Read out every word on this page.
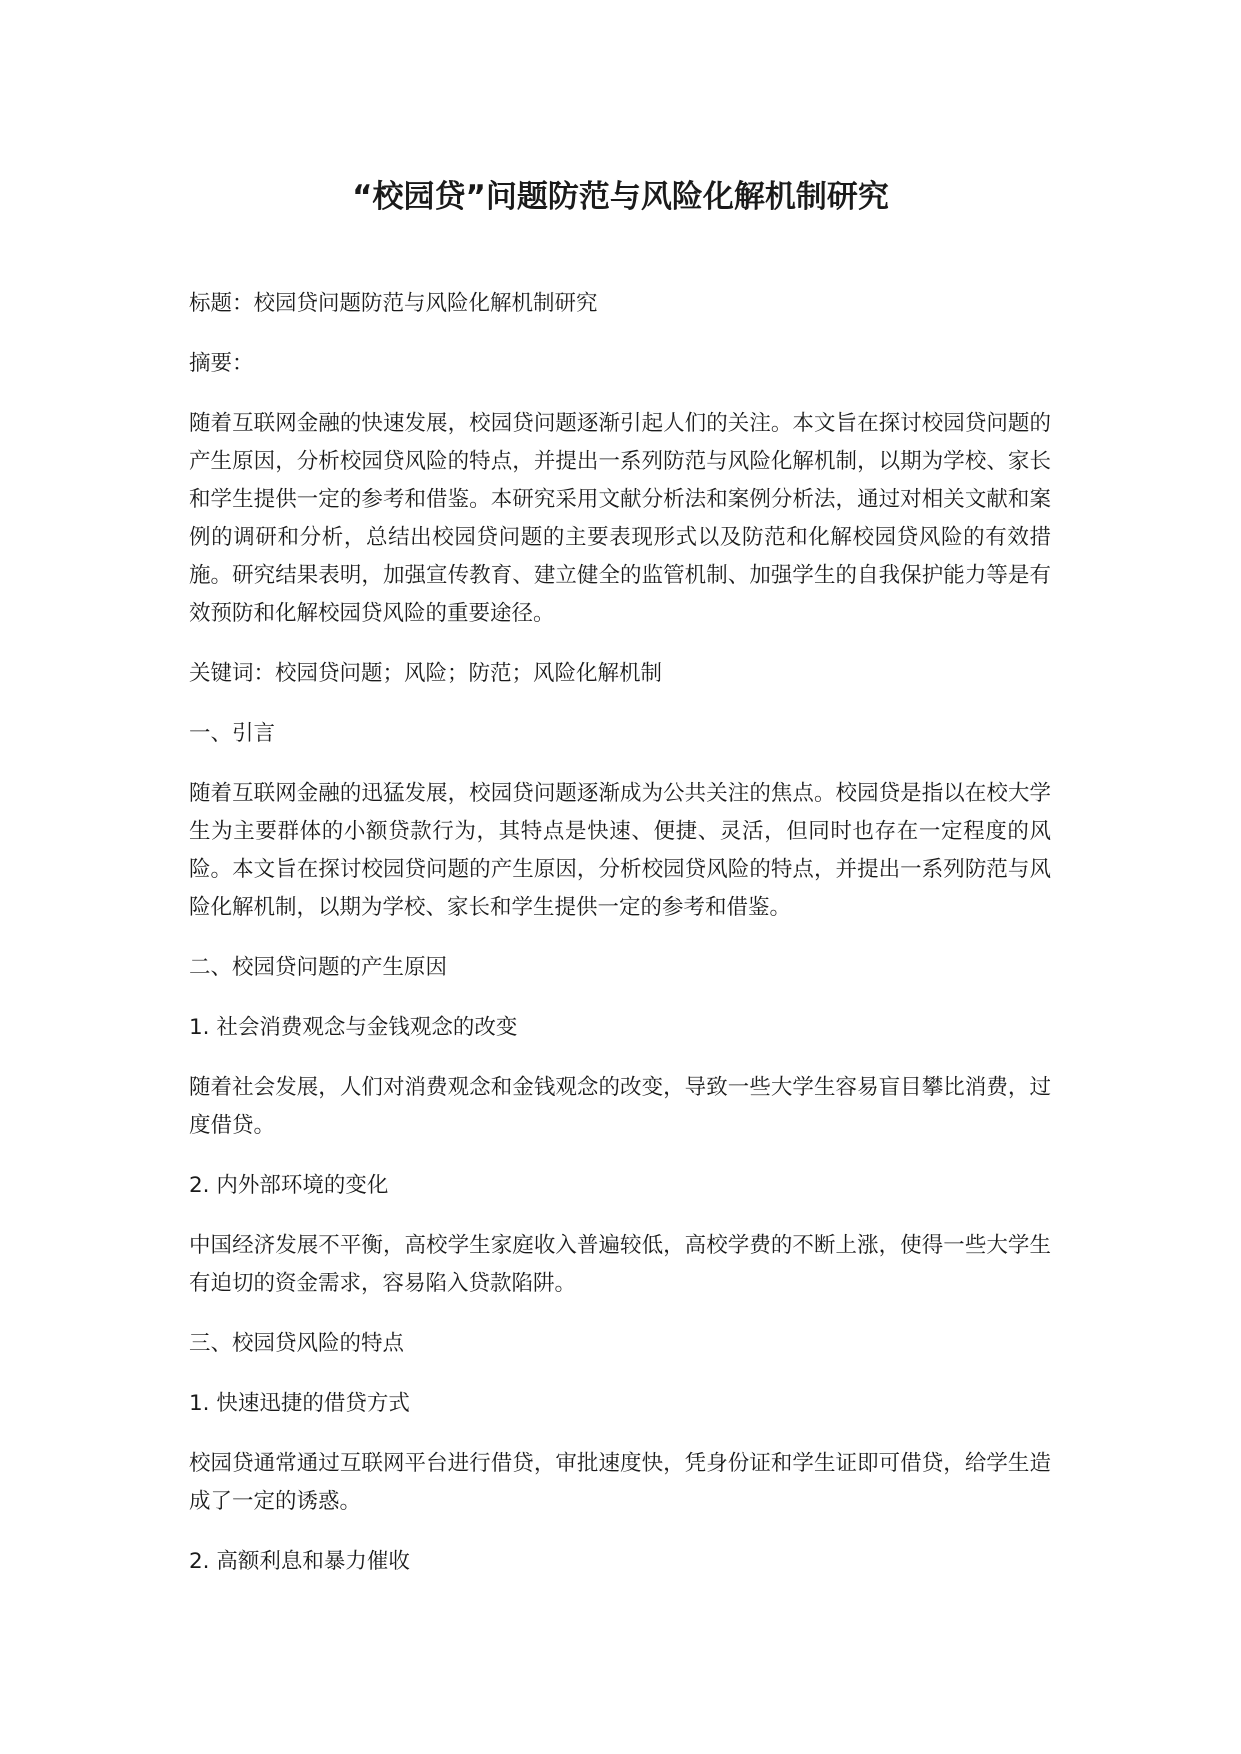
“校园贷”问题防范与风险化解机制研究

标题：校园贷问题防范与风险化解机制研究

摘要：

随着互联网金融的快速发展，校园贷问题逐渐引起人们的关注。本文旨在探讨校园贷问题的产生原因，分析校园贷风险的特点，并提出一系列防范与风险化解机制，以期为学校、家长和学生提供一定的参考和借鉴。本研究采用文献分析法和案例分析法，通过对相关文献和案例的调研和分析，总结出校园贷问题的主要表现形式以及防范和化解校园贷风险的有效措施。研究结果表明，加强宣传教育、建立健全的监管机制、加强学生的自我保护能力等是有效预防和化解校园贷风险的重要途径。

关键词：校园贷问题；风险；防范；风险化解机制

一、引言

随着互联网金融的迅猛发展，校园贷问题逐渐成为公共关注的焦点。校园贷是指以在校大学生为主要群体的小额贷款行为，其特点是快速、便捷、灵活，但同时也存在一定程度的风险。本文旨在探讨校园贷问题的产生原因，分析校园贷风险的特点，并提出一系列防范与风险化解机制，以期为学校、家长和学生提供一定的参考和借鉴。

二、校园贷问题的产生原因

1. 社会消费观念与金钱观念的改变

随着社会发展，人们对消费观念和金钱观念的改变，导致一些大学生容易盲目攀比消费，过度借贷。

2. 内外部环境的变化

中国经济发展不平衡，高校学生家庭收入普遍较低，高校学费的不断上涨，使得一些大学生有迫切的资金需求，容易陷入贷款陷阱。

三、校园贷风险的特点

1. 快速迅捷的借贷方式

校园贷通常通过互联网平台进行借贷，审批速度快，凭身份证和学生证即可借贷，给学生造成了一定的诱惑。

2. 高额利息和暴力催收
